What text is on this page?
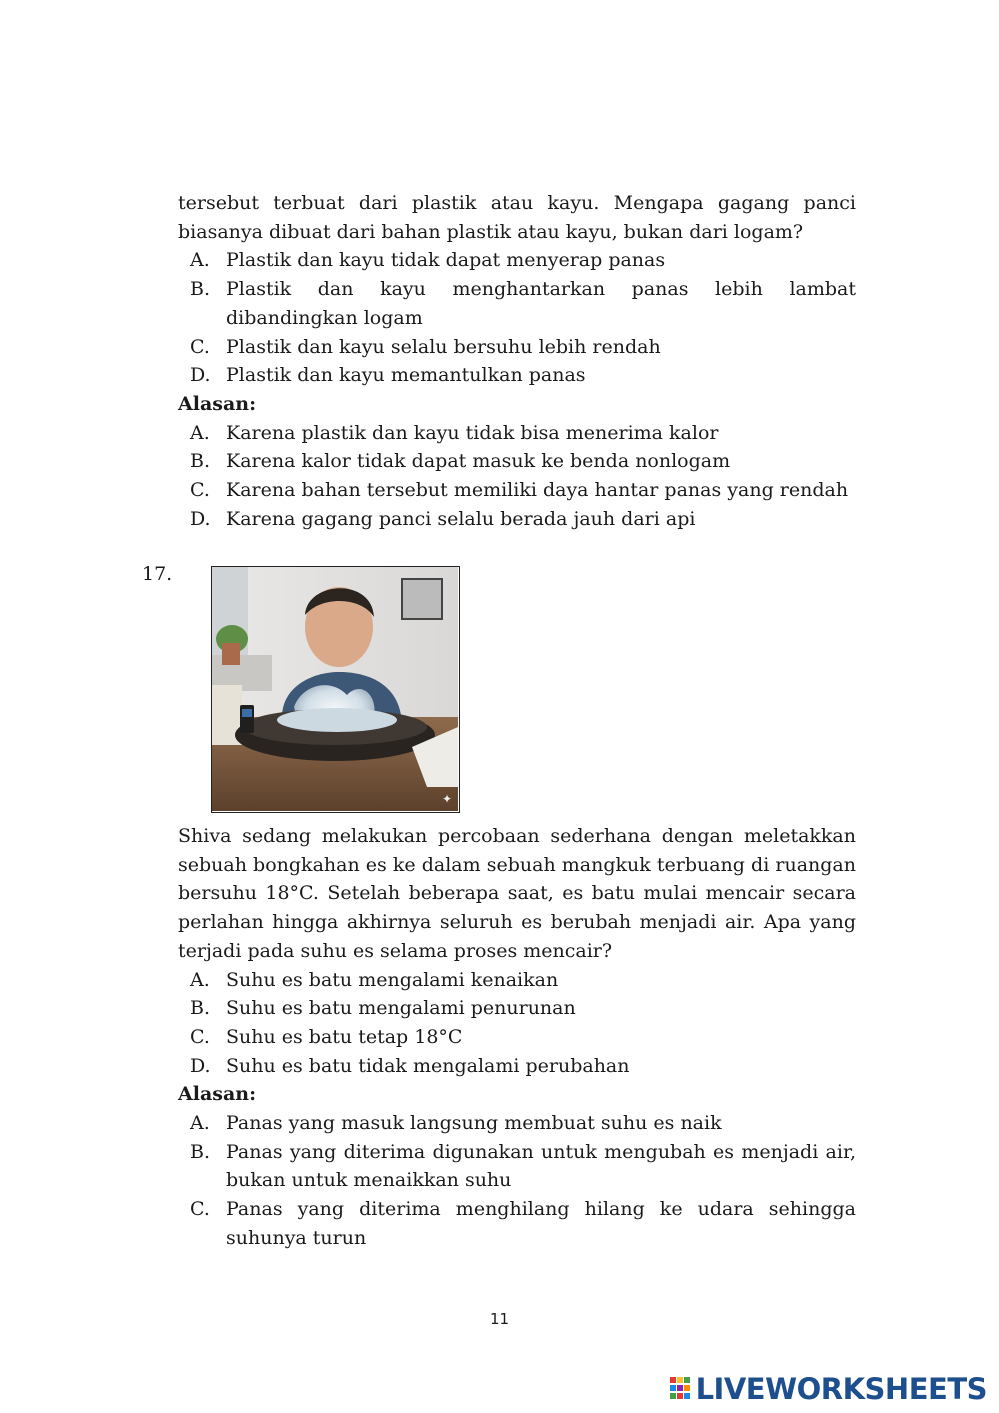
tersebut terbuat dari plastik atau kayu. Mengapa gagang panci biasanya dibuat dari bahan plastik atau kayu, bukan dari logam?

A. Plastik dan kayu tidak dapat menyerap panas
B. Plastik dan kayu menghantarkan panas lebih lambat dibandingkan logam
C. Plastik dan kayu selalu bersuhu lebih rendah
D. Plastik dan kayu memantulkan panas

Alasan:

A. Karena plastik dan kayu tidak bisa menerima kalor
B. Karena kalor tidak dapat masuk ke benda nonlogam
C. Karena bahan tersebut memiliki daya hantar panas yang rendah
D. Karena gagang panci selalu berada jauh dari api
17.
✦

Shiva sedang melakukan percobaan sederhana dengan meletakkan sebuah bongkahan es ke dalam sebuah mangkuk terbuang di ruangan bersuhu 18°C. Setelah beberapa saat, es batu mulai mencair secara perlahan hingga akhirnya seluruh es berubah menjadi air. Apa yang terjadi pada suhu es selama proses mencair?

A. Suhu es batu mengalami kenaikan
B. Suhu es batu mengalami penurunan
C. Suhu es batu tetap 18°C
D. Suhu es batu tidak mengalami perubahan

Alasan:

A. Panas yang masuk langsung membuat suhu es naik
B. Panas yang diterima digunakan untuk mengubah es menjadi air, bukan untuk menaikkan suhu
C. Panas yang diterima menghilang hilang ke udara sehingga suhunya turun
11
LIVEWORKSHEETS
